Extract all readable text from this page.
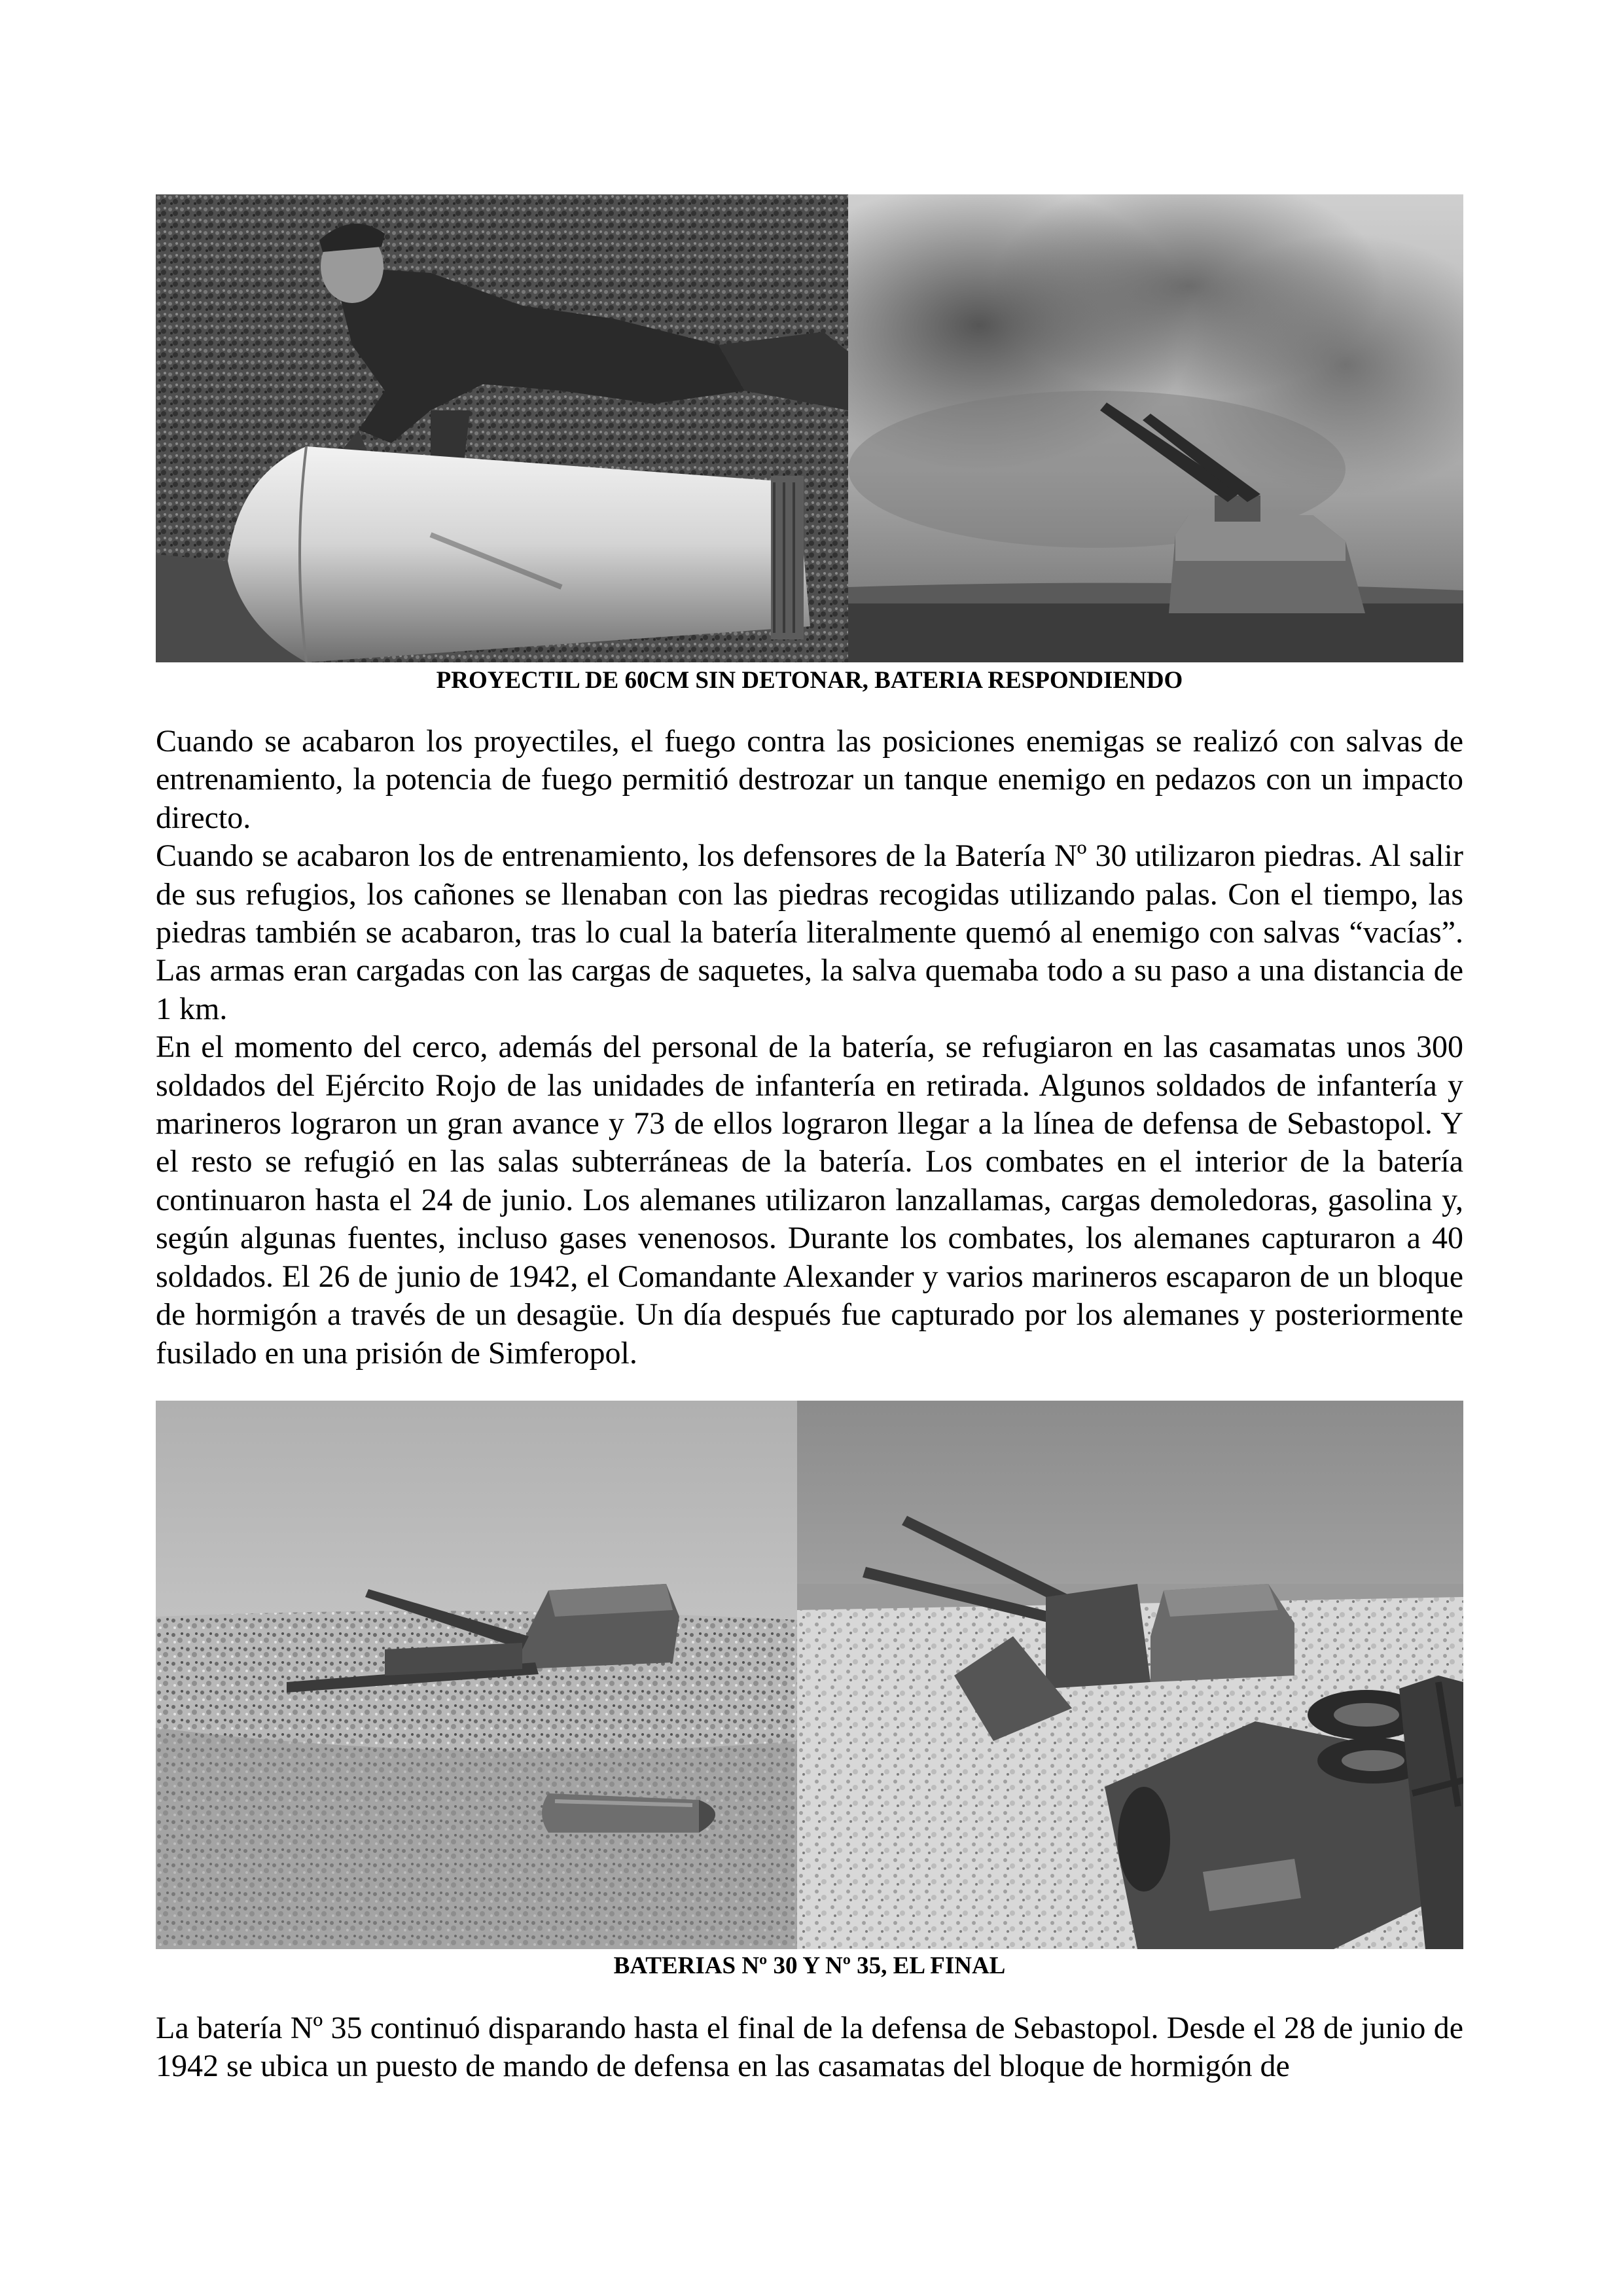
PROYECTIL DE 60CM SIN DETONAR, BATERIA RESPONDIENDO

Cuando se acabaron los proyectiles, el fuego contra las posiciones enemigas se realizó con salvas de entrenamiento, la potencia de fuego permitió destrozar un tanque enemigo en pedazos con un impacto directo.

Cuando se acabaron los de entrenamiento, los defensores de la Batería Nº 30 utilizaron piedras. Al salir de sus refugios, los cañones se llenaban con las piedras recogidas utilizando palas. Con el tiempo, las piedras también se acabaron, tras lo cual la batería literalmente quemó al enemigo con salvas “vacías”. Las armas eran cargadas con las cargas de saquetes, la salva quemaba todo a su paso a una distancia de 1 km.

En el momento del cerco, además del personal de la batería, se refugiaron en las casamatas unos 300 soldados del Ejército Rojo de las unidades de infantería en retirada. Algunos soldados de infantería y marineros lograron un gran avance y 73 de ellos lograron llegar a la línea de defensa de Sebastopol. Y el resto se refugió en las salas subterráneas de la batería. Los combates en el interior de la batería continuaron hasta el 24 de junio. Los alemanes utilizaron lanzallamas, cargas demoledoras, gasolina y, según algunas fuentes, incluso gases venenosos. Durante los combates, los alemanes capturaron a 40 soldados. El 26 de junio de 1942, el Comandante Alexander y varios marineros escaparon de un bloque de hormigón a través de un desagüe. Un día después fue capturado por los alemanes y posteriormente fusilado en una prisión de Simferopol.

BATERIAS Nº 30 Y Nº 35, EL FINAL

La batería Nº 35 continuó disparando hasta el final de la defensa de Sebastopol. Desde el 28 de junio de 1942 se ubica un puesto de mando de defensa en las casamatas del bloque de hormigón de
